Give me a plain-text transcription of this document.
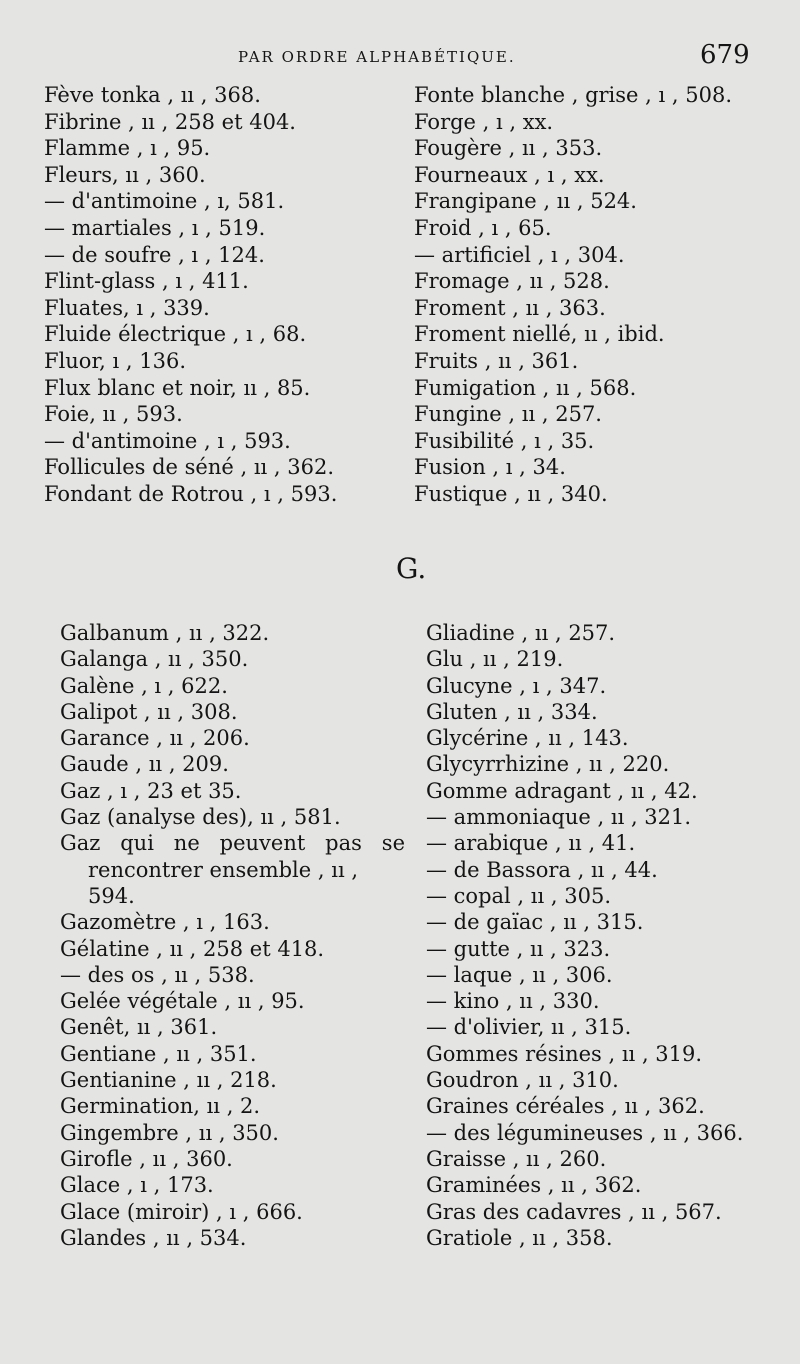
PAR ORDRE ALPHABÉTIQUE.	679
Fève tonka , ıı , 368.
Fibrine , ıı , 258 et 404.
Flamme , ı , 95.
Fleurs, ıı , 360.
— d'antimoine , ı, 581.
— martiales , ı , 519.
— de soufre , ı , 124.
Flint-glass , ı , 411.
Fluates, ı , 339.
Fluide électrique , ı , 68.
Fluor, ı , 136.
Flux blanc et noir, ıı , 85.
Foie, ıı , 593.
— d'antimoine , ı , 593.
Follicules de séné , ıı , 362.
Fondant de Rotrou , ı , 593.
Fonte blanche , grise , ı , 508.
Forge , ı , xx.
Fougère , ıı , 353.
Fourneaux , ı , xx.
Frangipane , ıı , 524.
Froid , ı , 65.
— artificiel , ı , 304.
Fromage , ıı , 528.
Froment , ıı , 363.
Froment niellé, ıı , ibid.
Fruits , ıı , 361.
Fumigation , ıı , 568.
Fungine , ıı , 257.
Fusibilité , ı , 35.
Fusion , ı , 34.
Fustique , ıı , 340.
G.
Galbanum , ıı , 322.
Galanga , ıı , 350.
Galène , ı , 622.
Galipot , ıı , 308.
Garance , ıı , 206.
Gaude , ıı , 209.
Gaz , ı , 23 et 35.
Gaz (analyse des), ıı , 581.
Gaz qui ne peuvent pas se
rencontrer ensemble , ıı ,
594.
Gazomètre , ı , 163.
Gélatine , ıı , 258 et 418.
— des os , ıı , 538.
Gelée végétale , ıı , 95.
Genêt, ıı , 361.
Gentiane , ıı , 351.
Gentianine , ıı , 218.
Germination, ıı , 2.
Gingembre , ıı , 350.
Girofle , ıı , 360.
Glace , ı , 173.
Glace (miroir) , ı , 666.
Glandes , ıı , 534.
Gliadine , ıı , 257.
Glu , ıı , 219.
Glucyne , ı , 347.
Gluten , ıı , 334.
Glycérine , ıı , 143.
Glycyrrhizine , ıı , 220.
Gomme adragant , ıı , 42.
— ammoniaque , ıı , 321.
— arabique , ıı , 41.
— de Bassora , ıı , 44.
— copal , ıı , 305.
— de gaïac , ıı , 315.
— gutte , ıı , 323.
— laque , ıı , 306.
— kino , ıı , 330.
— d'olivier, ıı , 315.
Gommes résines , ıı , 319.
Goudron , ıı , 310.
Graines céréales , ıı , 362.
— des légumineuses , ıı , 366.
Graisse , ıı , 260.
Graminées , ıı , 362.
Gras des cadavres , ıı , 567.
Gratiole , ıı , 358.
